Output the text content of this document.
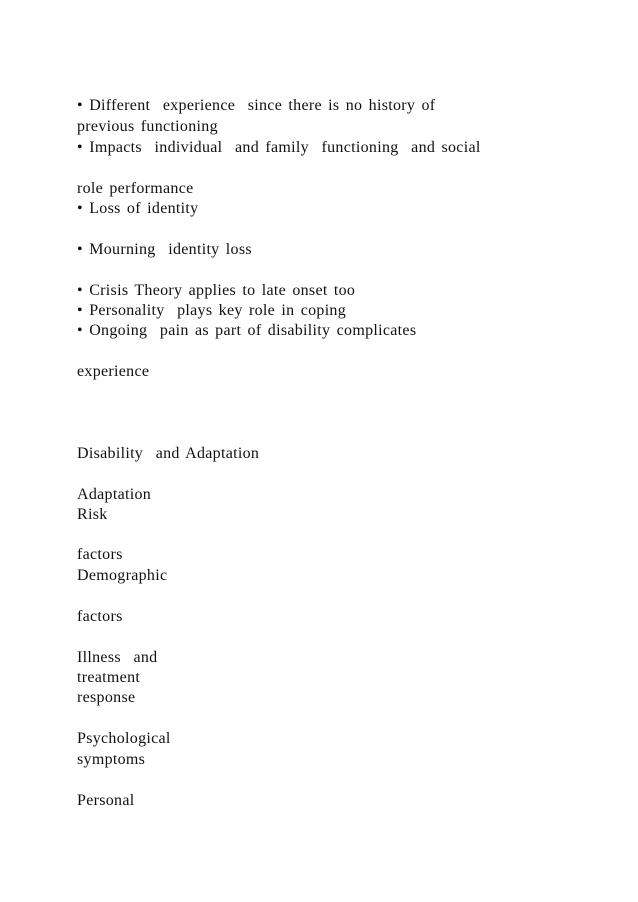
• Different  experience  since there is no history of

previous functioning

• Impacts  individual  and family  functioning  and social

role performance

• Loss of identity

• Mourning  identity loss

• Crisis Theory applies to late onset too

• Personality  plays key role in coping

• Ongoing  pain as part of disability complicates

experience

Disability  and Adaptation

Adaptation

Risk

factors

Demographic

factors

Illness  and

treatment

response

Psychological

symptoms

Personal
